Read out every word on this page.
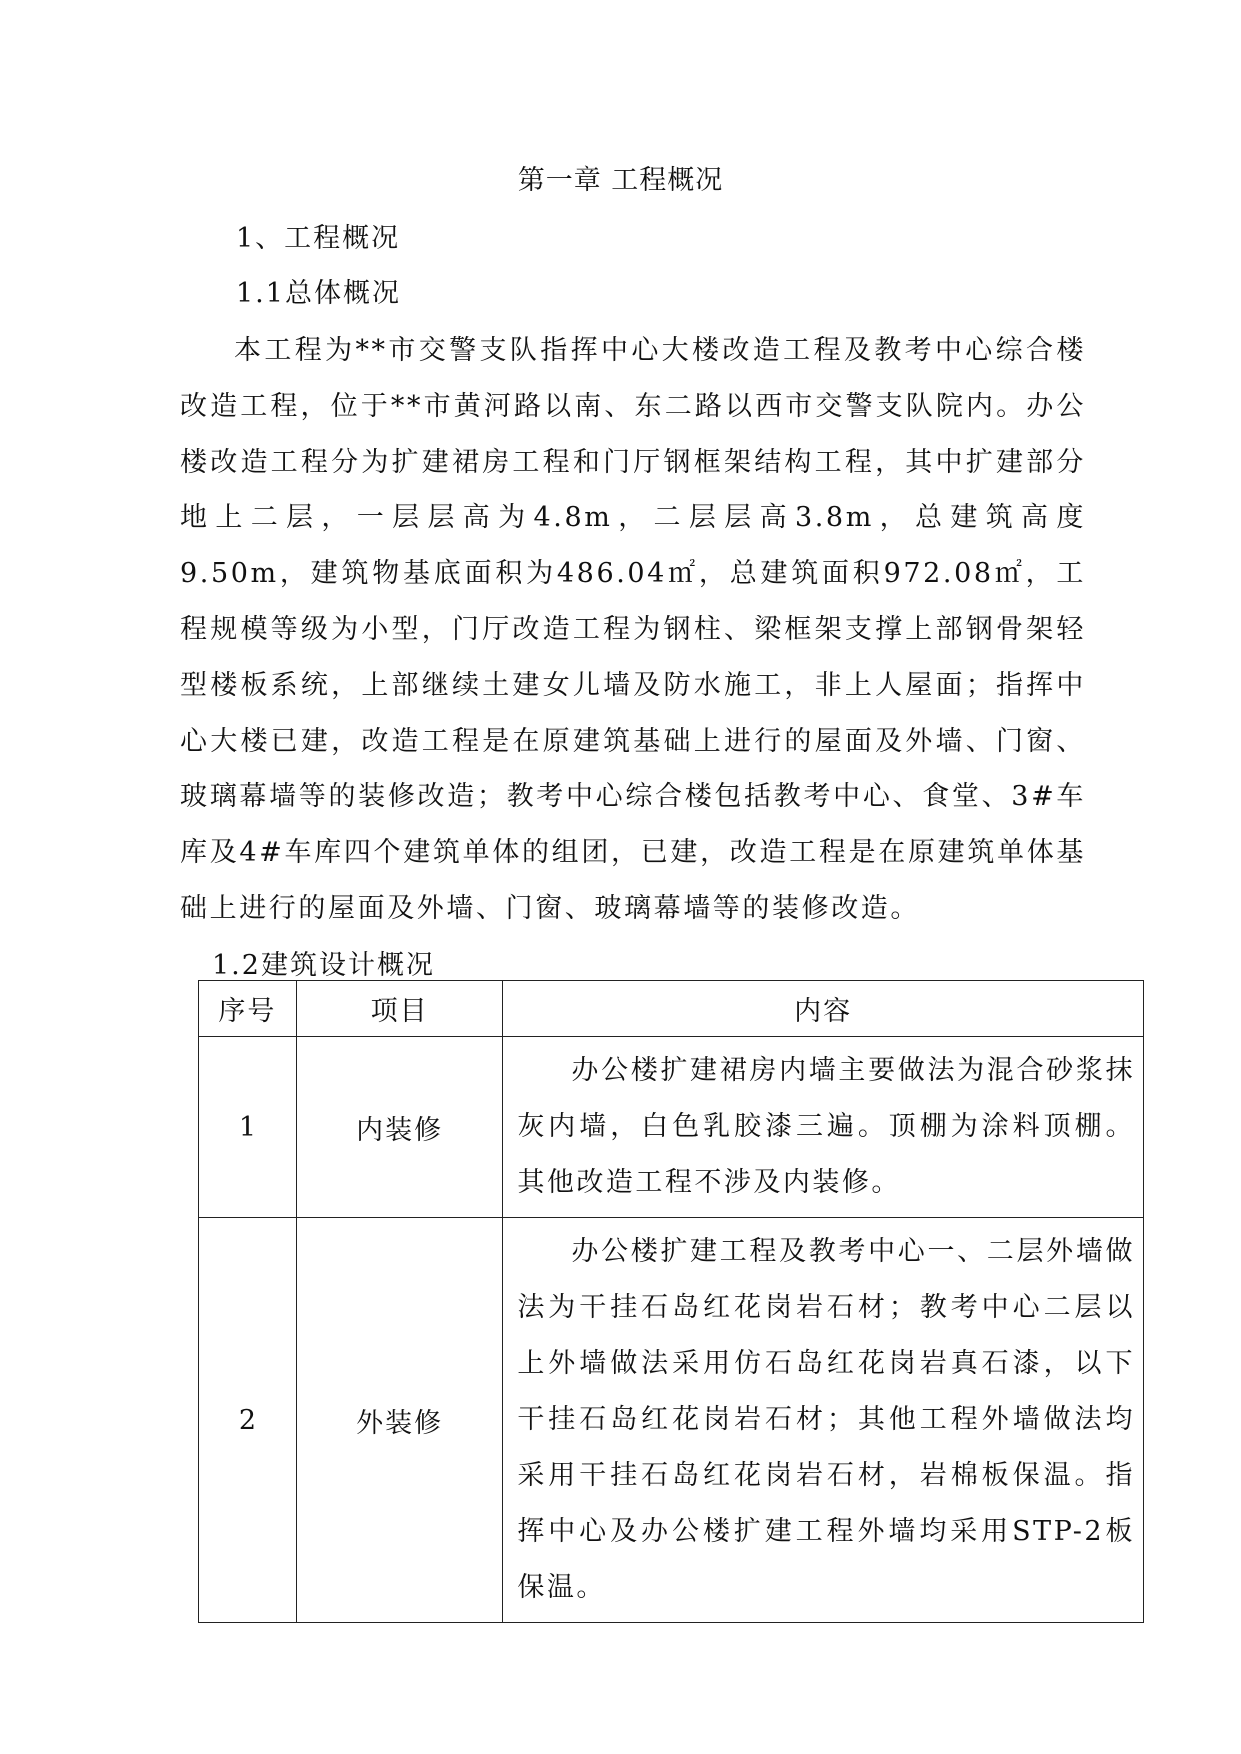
第一章 工程概况
1、工程概况
1.1总体概况

本工程为**市交警支队指挥中心大楼改造工程及教考中心综合楼改造工程，位于**市黄河路以南、东二路以西市交警支队院内。办公楼改造工程分为扩建裙房工程和门厅钢框架结构工程，其中扩建部分地上二层，一层层高为4.8m，二层层高3.8m，总建筑高度9.50m，建筑物基底面积为486.04㎡，总建筑面积972.08㎡，工程规模等级为小型，门厅改造工程为钢柱、梁框架支撑上部钢骨架轻型楼板系统，上部继续土建女儿墙及防水施工，非上人屋面；指挥中心大楼已建，改造工程是在原建筑基础上进行的屋面及外墙、门窗、玻璃幕墙等的装修改造；教考中心综合楼包括教考中心、食堂、3#车库及4#车库四个建筑单体的组团，已建，改造工程是在原建筑单体基础上进行的屋面及外墙、门窗、玻璃幕墙等的装修改造。

1.2建筑设计概况
序号	项目	内容
1	内装修	办公楼扩建裙房内墙主要做法为混合砂浆抹灰内墙，白色乳胶漆三遍。顶棚为涂料顶棚。其他改造工程不涉及内装修。

2	外装修	办公楼扩建工程及教考中心一、二层外墙做法为干挂石岛红花岗岩石材；教考中心二层以上外墙做法采用仿石岛红花岗岩真石漆，以下干挂石岛红花岗岩石材；其他工程外墙做法均采用干挂石岛红花岗岩石材，岩棉板保温。指挥中心及办公楼扩建工程外墙均采用STP-2板保温。
